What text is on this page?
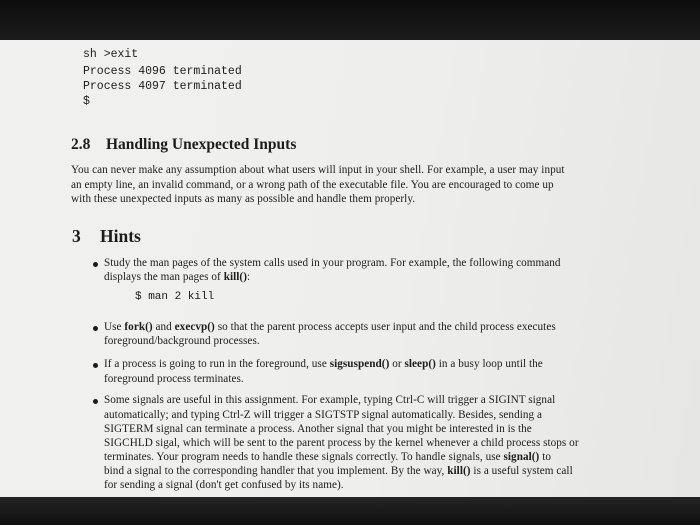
sh >exit
Process 4096 terminated
Process 4097 terminated
$
2.8 Handling Unexpected Inputs
You can never make any assumption about what users will input in your shell. For example, a user may input
an empty line, an invalid command, or a wrong path of the executable file. You are encouraged to come up
with these unexpected inputs as many as possible and handle them properly.
3 Hints
Study the man pages of the system calls used in your program. For example, the following command
displays the man pages of kill():
$ man 2 kill
Use fork() and execvp() so that the parent process accepts user input and the child process executes
foreground/background processes.
If a process is going to run in the foreground, use sigsuspend() or sleep() in a busy loop until the
foreground process terminates.
Some signals are useful in this assignment. For example, typing Ctrl-C will trigger a SIGINT signal
automatically; and typing Ctrl-Z will trigger a SIGTSTP signal automatically. Besides, sending a
SIGTERM signal can terminate a process. Another signal that you might be interested in is the
SIGCHLD sigal, which will be sent to the parent process by the kernel whenever a child process stops or
terminates. Your program needs to handle these signals correctly. To handle signals, use signal() to
bind a signal to the corresponding handler that you implement. By the way, kill() is a useful system call
for sending a signal (don't get confused by its name).
